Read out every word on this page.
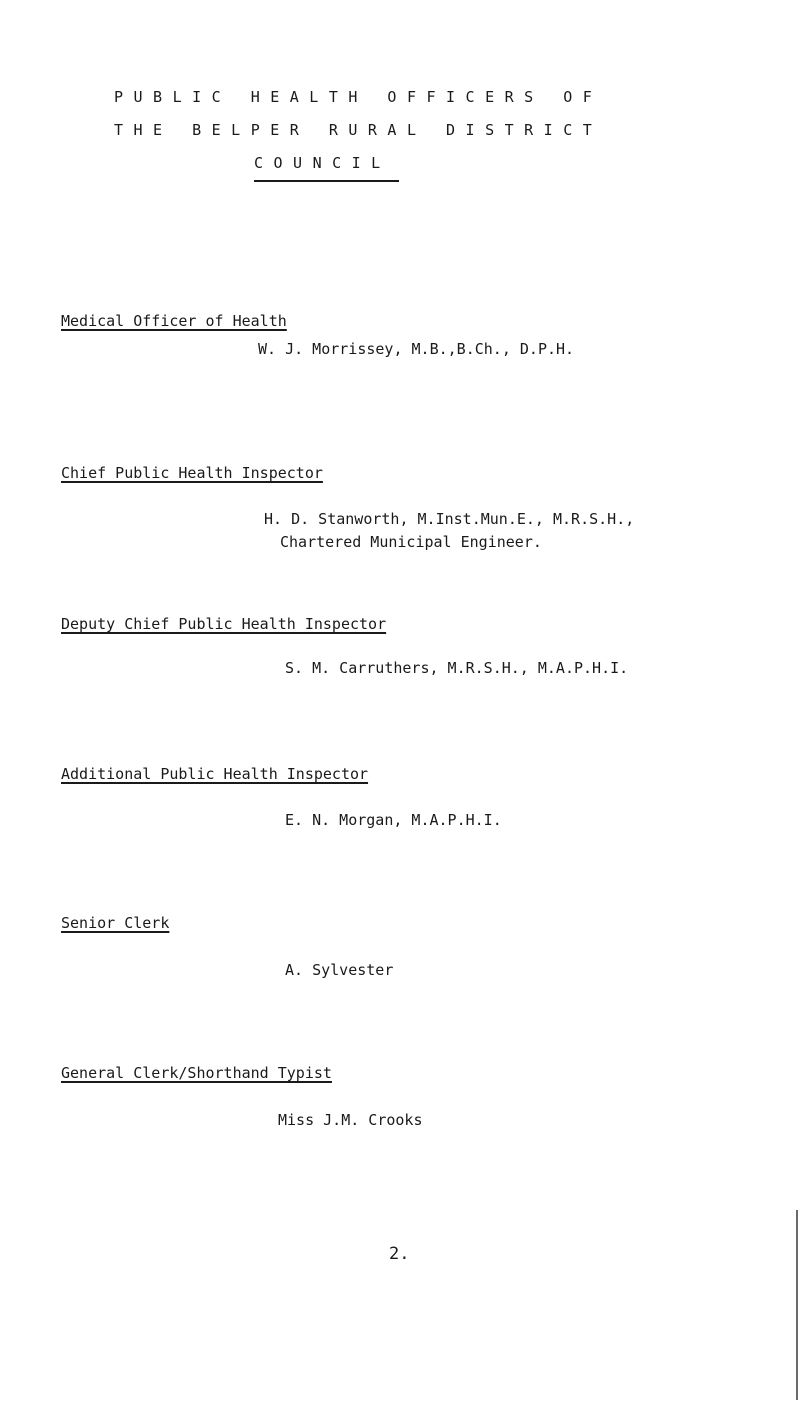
PUBLIC HEALTH OFFICERS OF
THE BELPER RURAL DISTRICT
COUNCIL
Medical Officer of Health
W. J. Morrissey, M.B.,B.Ch., D.P.H.
Chief Public Health Inspector
H. D. Stanworth, M.Inst.Mun.E., M.R.S.H.,
Chartered Municipal Engineer.
Deputy Chief Public Health Inspector
S. M. Carruthers, M.R.S.H., M.A.P.H.I.
Additional Public Health Inspector
E. N. Morgan, M.A.P.H.I.
Senior Clerk
A. Sylvester
General Clerk/Shorthand Typist
Miss J.M. Crooks
2.
